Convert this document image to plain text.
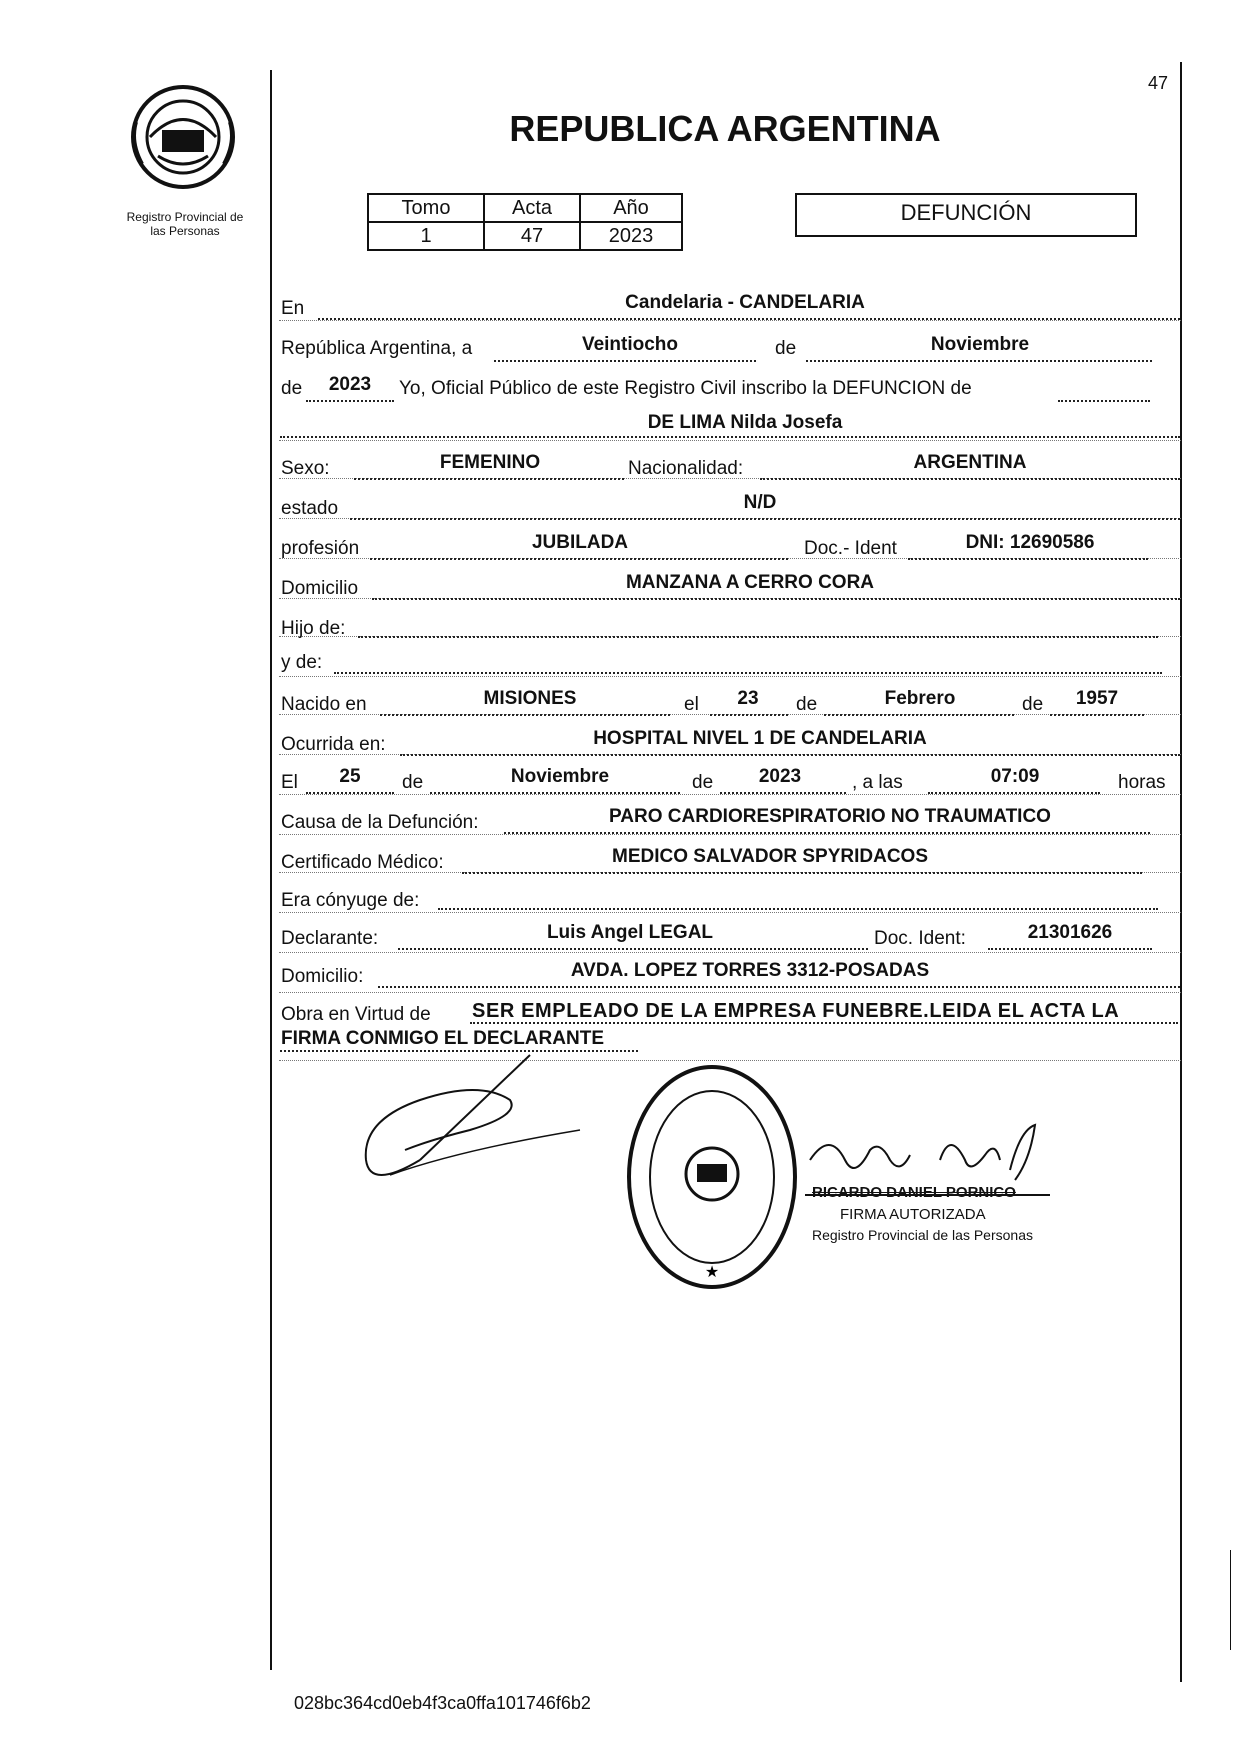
Registro Provincial de
las Personas
47
REPUBLICA ARGENTINA
Tomo	Acta	Año
1	47	2023
DEFUNCIÓN
En	Candelaria - CANDELARIA
República Argentina, a	Veintiocho	de	Noviembre
de	2023	Yo, Oficial Público de este Registro Civil inscribo la DEFUNCION de
DE LIMA Nilda Josefa
Sexo:	FEMENINO	Nacionalidad:	ARGENTINA
estado	N/D
profesión	JUBILADA	Doc.- Ident	DNI: 12690586
Domicilio	MANZANA A CERRO CORA
Hijo de:
y de:
Nacido en	MISIONES	el	23	de	Febrero	de	1957
Ocurrida en:	HOSPITAL NIVEL 1 DE CANDELARIA
El	25	de	Noviembre	de	2023	, a las	07:09	horas
Causa de la Defunción:	PARO CARDIORESPIRATORIO NO TRAUMATICO
Certificado Médico:	MEDICO SALVADOR SPYRIDACOS
Era cónyuge de:
Declarante:	Luis Angel LEGAL	Doc. Ident:	21301626
Domicilio:	AVDA. LOPEZ TORRES 3312-POSADAS
Obra en Virtud de SER EMPLEADO DE LA EMPRESA FUNEBRE.LEIDA EL ACTA LA
FIRMA CONMIGO EL DECLARANTE
★
RICARDO DANIEL PORNICO
FIRMA AUTORIZADA
Registro Provincial de las Personas
028bc364cd0eb4f3ca0ffa101746f6b2
